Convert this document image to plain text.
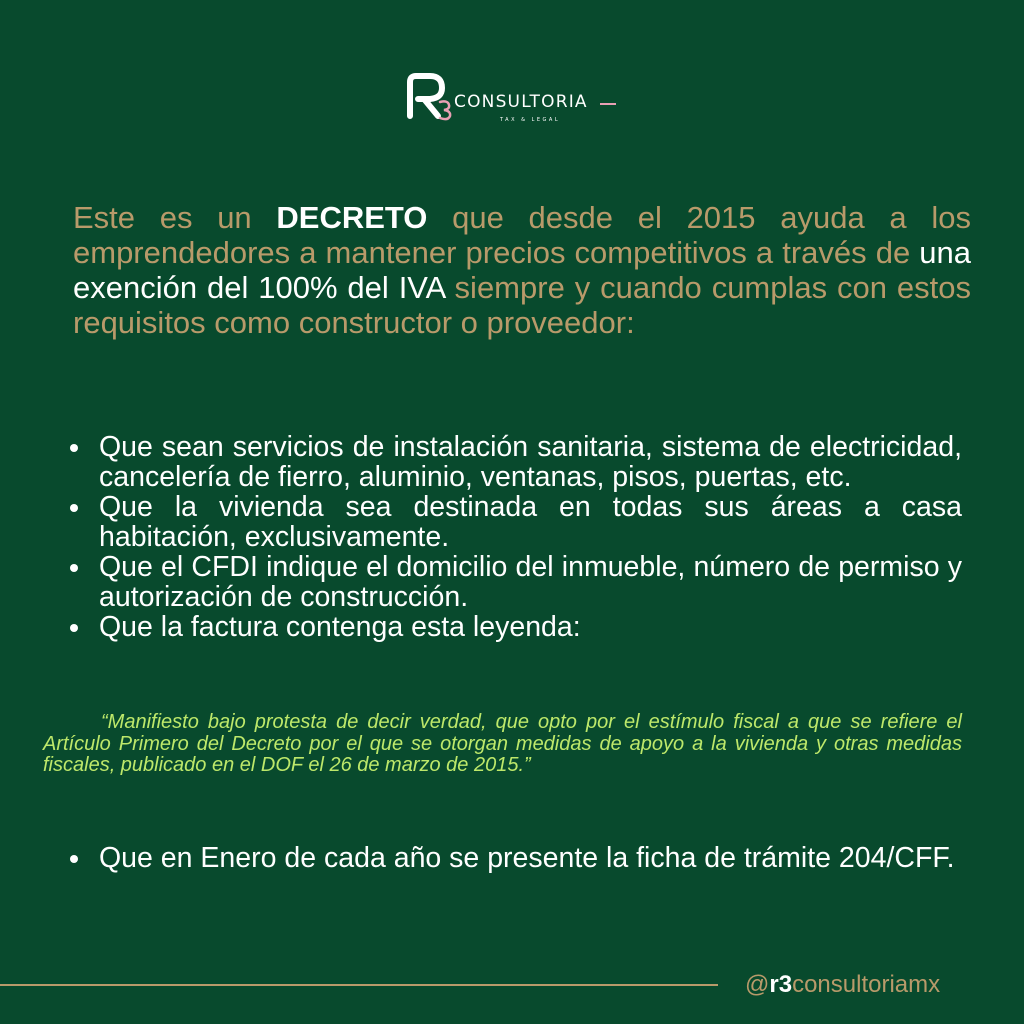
CONSULTORIA
TAX & LEGAL

Este es un DECRETO que desde el 2015 ayuda a los emprendedores a mantener precios competitivos a través de una exención del 100% del IVA siempre y cuando cumplas con estos requisitos como constructor o proveedor:

Que sean servicios de instalación sanitaria, sistema de electricidad, cancelería de fierro, aluminio, ventanas, pisos, puertas, etc.
Que la vivienda sea destinada en todas sus áreas a casa habitación, exclusivamente.
Que el CFDI indique el domicilio del inmueble, número de permiso y autorización de construcción.
Que la factura contenga esta leyenda:

“Manifiesto bajo protesta de decir verdad, que opto por el estímulo fiscal a que se refiere el Artículo Primero del Decreto por el que se otorgan medidas de apoyo a la vivienda y otras medidas fiscales, publicado en el DOF el 26 de marzo de 2015.”

Que en Enero de cada año se presente la ficha de trámite 204/CFF.
@r3consultoriamx
